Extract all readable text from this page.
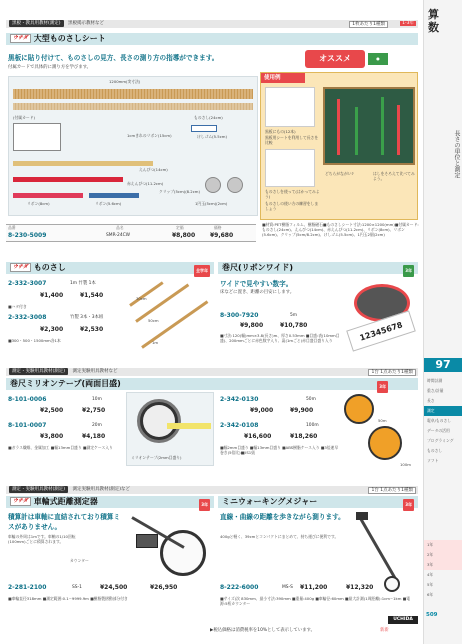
黒板・教具用教材(測定) 黒板掲示教材など	1枚あたり1種類	1-3年
ウチダ 大型ものさしシート
黒板に貼り付けて、ものさしの見方、長さの測り方の指導ができます。
付属カードで具体的に測り方を学びます。
オススメ	●
1200mm(実寸法)
(付属カード)	ものさし(24cm)
1cmきれのリボン(15cm)	けしゴム(5.5cm)
えんぴつ(14cm)
赤えんぴつ(11.2cm)
リボン(8cm)	リボン(5.6cm)
クリップ(5cm)(8.2cm)
1円玉(5cm)(2cm)
使用例
黒板にもの(12本)
黒板用シートを利用して長さを比較
ものさしを使って(はかってみよう)
ものさしの使い方の練習をしましょう
どちらがながい?	はしをそろえて比べてみよう。
品番	品名	定価	価格
8-230-5009	SMR-24CW	¥8,800 ¥9,680
■材質:PET樹脂フィルム、樹脂磁石■ものさしシート寸法:1200×1200(mm)■付属カード:ものさし(24cm)、えんぴつ(14cm)、赤えんぴつ(11.2cm)、リボン(8cm)、リボン(5.6cm)、クリップ(5cm/8.2cm)、けしゴム(5.5cm)、1円玉2個(2cm)
ウチダ ものさし	全学年
2-332-3007	1m 竹製 1本
¥1,400	¥1,540
■ハタ付き
2-332-3008	竹製 3本・3本組
¥2,300	¥2,530
■300・500・1500mm各1本
30cm
50cm
1m
巻尺(リボンワイド)	3年
ワイドで見やすい数字。
床などに置き、距離の目安にします。
8-300-7920	5m
¥9,800	¥10,780
■寸法:120(幅)mm×3.8(長さ)m、厚さ0.53mm ■目盛:表(10mm目盛)、200mmごとに赤色数字入り、裏(1mごと)赤目盛目盛り入り	12345678
測定・実験用具教材(測定) 測定実験用具教材など	1台 1点あたり1種類
巻尺ミリオンテープ(両面目盛)	3年
8-101-0006	10m
¥2,500	¥2,750
8-101-0007	20m
¥3,800	¥4,180
■ガラス繊維、金属加工 ■幅13mm目盛り ■測定ケース入り
ミリオンテープ(2mm目盛り)
2-342-0130	50m
¥9,000	¥9,900
2-342-0108	100m
¥16,600	¥18,260
■幅2mm目盛り ■幅13mm目盛り ■ABS樹脂ケース入り ■3倍速早巻き(5倍比)■JIS1級
50m
100m
測定・実験用具教材(測定) 測定実験用具教材(測定)など	1台 1点あたり1種類
ウチダ 車輪式距離測定器	3年
積算計は車軸に直結されており積算ミスがありません。
車輪の外周は1mです。車軸の1/10回転(100mm)ごとに積算されます。
カウンター
2-281-2100	SS-1	¥24,500	¥26,950
■車輪直径318mm ■測定範囲:0.1~9999.9m ■樹脂製摺動部分付き
ミニウォーキングメジャー	3年
直線・曲線の距離を歩きながら測ります。
400gと軽く、39cmとコンパクトにまとめて、持ち運びに便利です。
8-222-6000	MS-S ¥11,200	¥12,320
■サイズ(次 830mm、最小寸法:390mm ■重量:400g ■車輪径:60mm ■最大計測(1周距離):1cm~1km ■電源:5桁カウンター
▶税込価格は消費税率を10%として表示しています。
UCHIDA
新新
算数
長さの単位と測定
97
時間計測
重さ/計量
長さ
測定
電卓/ものさし
データの活用
プログラミング
ものさし
ソフト
1年
2年
3年
4年
5年
6年
509
